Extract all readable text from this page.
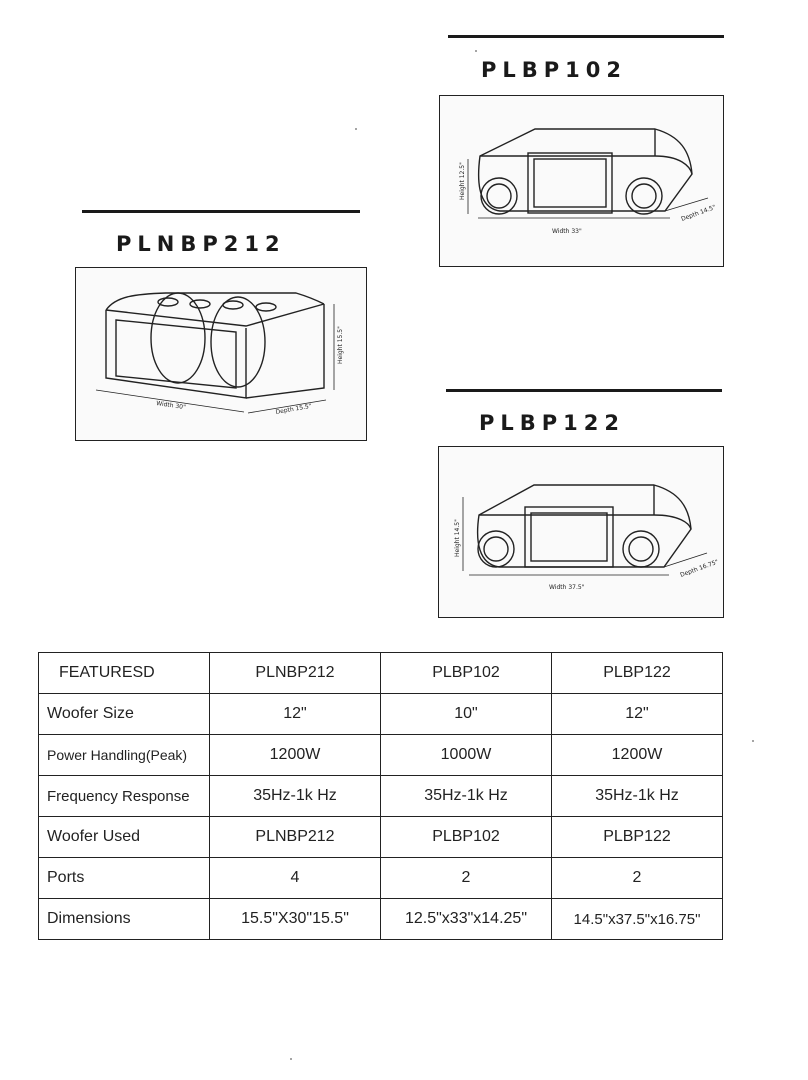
PLBP102
Height 12.5"
Width 33"
Depth 14.5"
PLNBP212
Height 15.5"
Width 30"	Depth 15.5"
PLBP122
Height 14.5"
Width 37.5"
Depth 16.75"
FEATURESD	PLNBP212	PLBP102	PLBP122
Woofer Size	12"	10"	12"
Power Handling(Peak)	1200W	1000W	1200W
Frequency Response	35Hz-1k Hz	35Hz-1k Hz	35Hz-1k Hz
Woofer Used	PLNBP212	PLBP102	PLBP122
Ports	4	2	2
Dimensions	15.5"X30"15.5"	12.5"x33"x14.25"	14.5"x37.5"x16.75"
